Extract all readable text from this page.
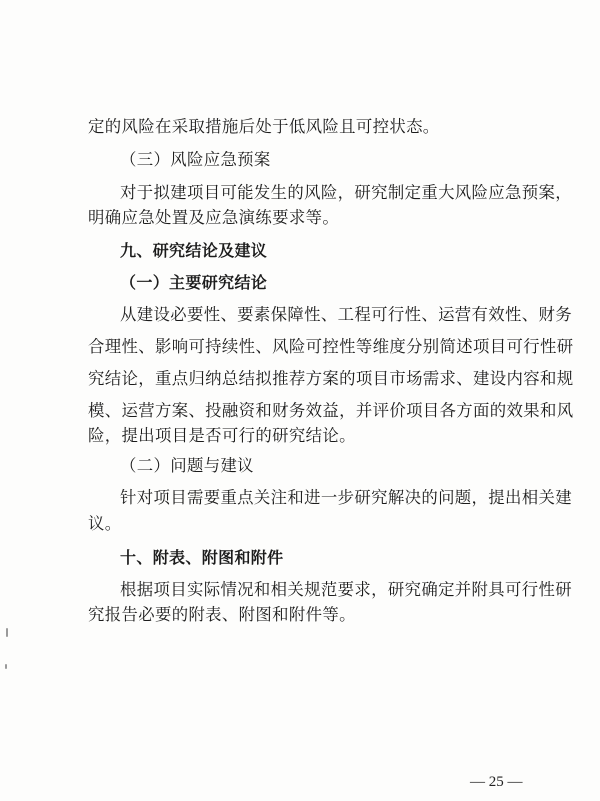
定的风险在采取措施后处于低风险且可控状态。
（三）风险应急预案
对于拟建项目可能发生的风险，研究制定重大风险应急预案，
明确应急处置及应急演练要求等。
九、研究结论及建议
（一）主要研究结论
从建设必要性、要素保障性、工程可行性、运营有效性、财务
合理性、影响可持续性、风险可控性等维度分别简述项目可行性研
究结论，重点归纳总结拟推荐方案的项目市场需求、建设内容和规
模、运营方案、投融资和财务效益，并评价项目各方面的效果和风
险，提出项目是否可行的研究结论。
（二）问题与建议
针对项目需要重点关注和进一步研究解决的问题，提出相关建
议。
十、附表、附图和附件
根据项目实际情况和相关规范要求，研究确定并附具可行性研
究报告必要的附表、附图和附件等。
— 25 —
